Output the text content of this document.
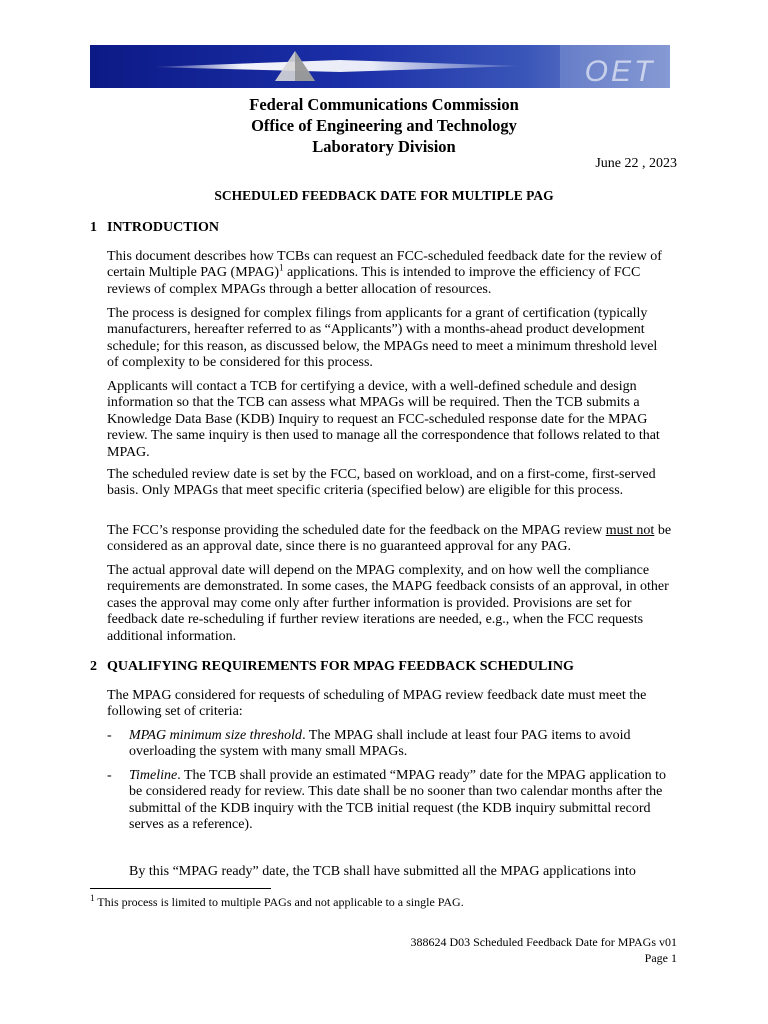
OET
Federal Communications Commission
Office of Engineering and Technology
Laboratory Division
June 22 , 2023
SCHEDULED FEEDBACK DATE FOR MULTIPLE PAG
1 INTRODUCTION

This document describes how TCBs can request an FCC-scheduled feedback date for the review of certain Multiple PAG (MPAG)$^1$ applications. This is intended to improve the efficiency of FCC reviews of complex MPAGs through a better allocation of resources.

The process is designed for complex filings from applicants for a grant of certification (typically manufacturers, hereafter referred to as “Applicants”) with a months-ahead product development schedule; for this reason, as discussed below, the MPAGs need to meet a minimum threshold level of complexity to be considered for this process.

Applicants will contact a TCB for certifying a device, with a well-defined schedule and design information so that the TCB can assess what MPAGs will be required. Then the TCB submits a Knowledge Data Base (KDB) Inquiry to request an FCC-scheduled response date for the MPAG review. The same inquiry is then used to manage all the correspondence that follows related to that MPAG.

The scheduled review date is set by the FCC, based on workload, and on a first-come, first-served basis. Only MPAGs that meet specific criteria (specified below) are eligible for this process.

The FCC’s response providing the scheduled date for the feedback on the MPAG review must not be considered as an approval date, since there is no guaranteed approval for any PAG.

The actual approval date will depend on the MPAG complexity, and on how well the compliance requirements are demonstrated. In some cases, the MAPG feedback consists of an approval, in other cases the approval may come only after further information is provided. Provisions are set for feedback date re-scheduling if further review iterations are needed, e.g., when the FCC requests additional information.

2 QUALIFYING REQUIREMENTS FOR MPAG FEEDBACK SCHEDULING

The MPAG considered for requests of scheduling of MPAG review feedback date must meet the following set of criteria:

- MPAG minimum size threshold. The MPAG shall include at least four PAG items to avoid overloading the system with many small MPAGs.
- Timeline. The TCB shall provide an estimated “MPAG ready” date for the MPAG application to be considered ready for review. This date shall be no sooner than two calendar months after the submittal of the KDB inquiry with the TCB initial request (the KDB inquiry submittal record serves as a reference).

By this “MPAG ready” date, the TCB shall have submitted all the MPAG applications into

$^1$ This process is limited to multiple PAGs and not applicable to a single PAG.
388624 D03 Scheduled Feedback Date for MPAGs v01
Page 1
